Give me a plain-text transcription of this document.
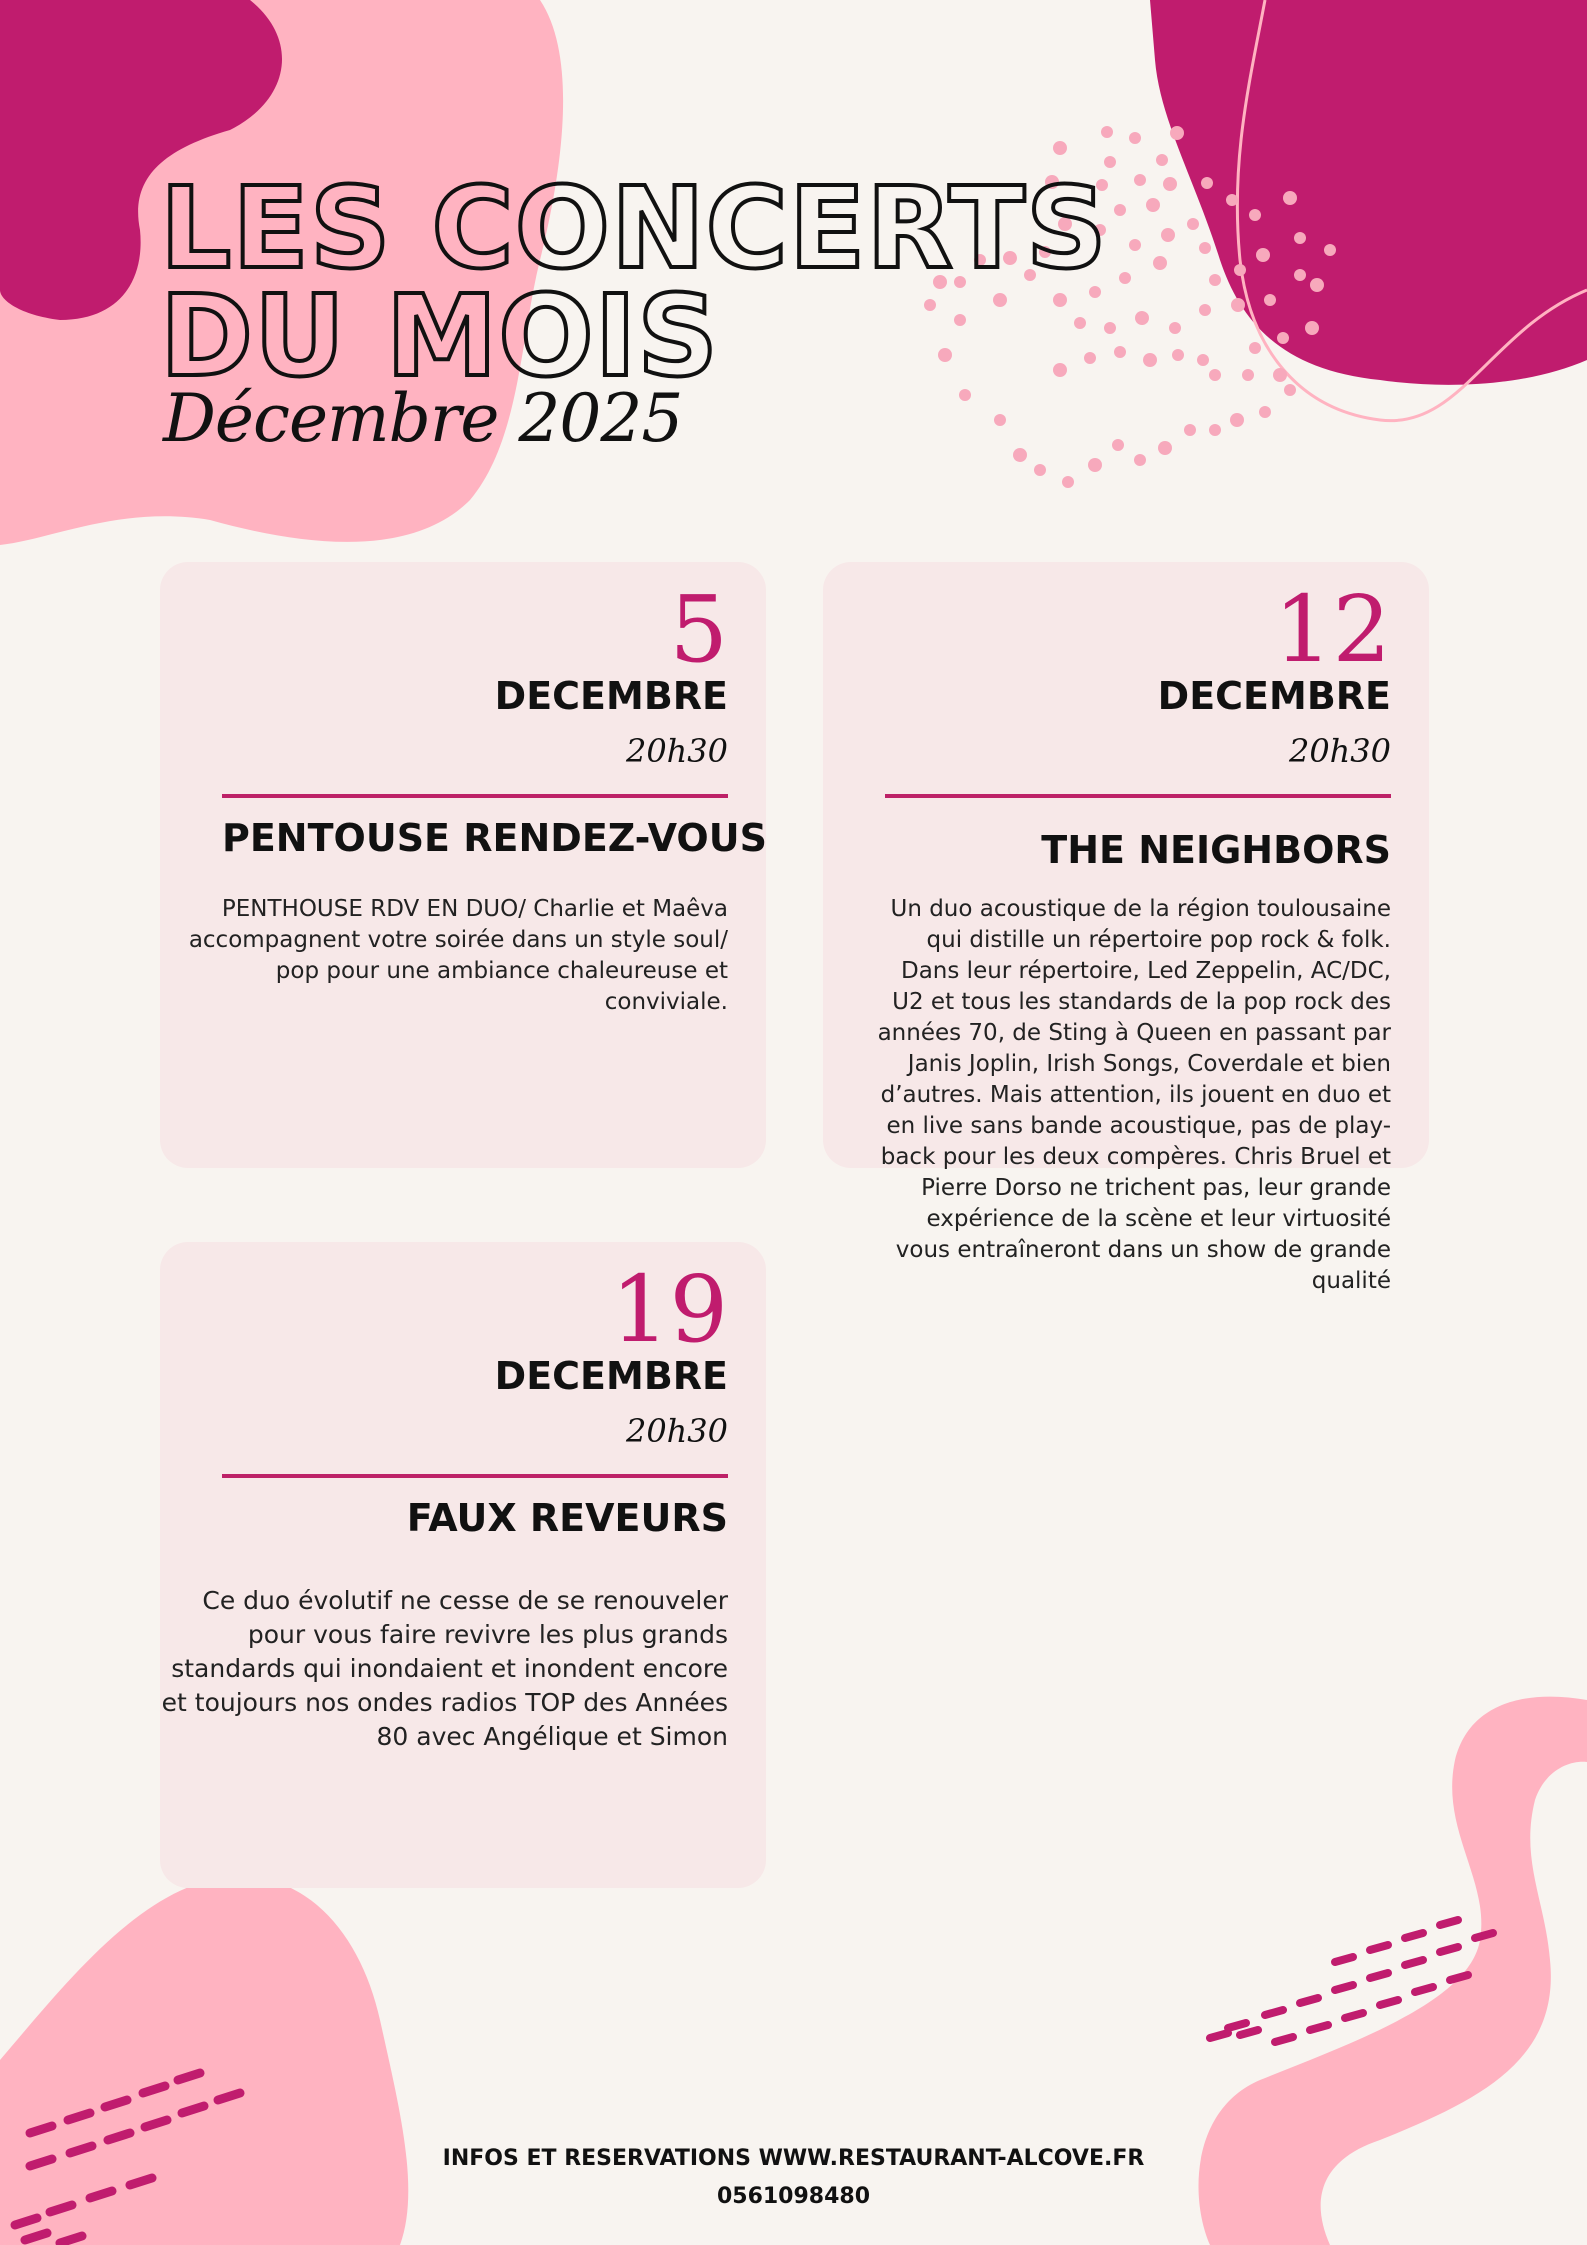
LES CONCERTS
DU MOIS
Décembre 2025
5
DECEMBRE
20h30
PENTOUSE RENDEZ-VOUS
PENTHOUSE RDV EN DUO/ Charlie et Maêva accompagnent votre soirée dans un style soul/ pop pour une ambiance chaleureuse et conviviale.
12
DECEMBRE
20h30
THE NEIGHBORS
Un duo acoustique de la région toulousaine qui distille un répertoire pop rock & folk. Dans leur répertoire, Led Zeppelin, AC/DC, U2 et tous les standards de la pop rock des années 70, de Sting à Queen en passant par Janis Joplin, Irish Songs, Coverdale et bien d’autres. Mais attention, ils jouent en duo et en live sans bande acoustique, pas de play-back pour les deux compères. Chris Bruel et Pierre Dorso ne trichent pas, leur grande expérience de la scène et leur virtuosité vous entraîneront dans un show de grande qualité
19
DECEMBRE
20h30
FAUX REVEURS
Ce duo évolutif ne cesse de se renouveler pour vous faire revivre les plus grands standards qui inondaient et inondent encore et toujours nos ondes radios TOP des Années 80 avec Angélique et Simon
INFOS ET RESERVATIONS WWW.RESTAURANT-ALCOVE.FR
0561098480
